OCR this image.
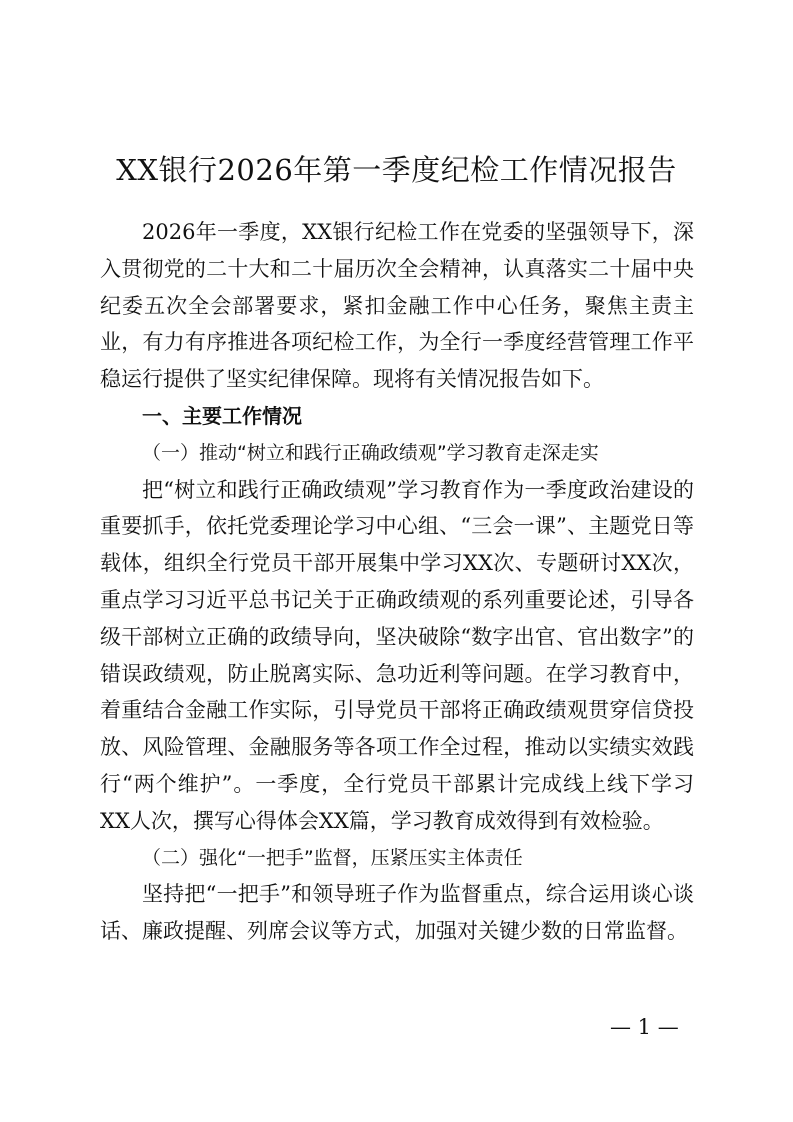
XX银行2026年第一季度纪检工作情况报告

2026年一季度，XX银行纪检工作在党委的坚强领导下，深入贯彻党的二十大和二十届历次全会精神，认真落实二十届中央纪委五次全会部署要求，紧扣金融工作中心任务，聚焦主责主业，有力有序推进各项纪检工作，为全行一季度经营管理工作平稳运行提供了坚实纪律保障。现将有关情况报告如下。

一、主要工作情况

（一）推动“树立和践行正确政绩观”学习教育走深走实

把“树立和践行正确政绩观”学习教育作为一季度政治建设的重要抓手，依托党委理论学习中心组、“三会一课”、主题党日等载体，组织全行党员干部开展集中学习XX次、专题研讨XX次，重点学习习近平总书记关于正确政绩观的系列重要论述，引导各级干部树立正确的政绩导向，坚决破除“数字出官、官出数字”的错误政绩观，防止脱离实际、急功近利等问题。在学习教育中，着重结合金融工作实际，引导党员干部将正确政绩观贯穿信贷投放、风险管理、金融服务等各项工作全过程，推动以实绩实效践行“两个维护”。一季度，全行党员干部累计完成线上线下学习XX人次，撰写心得体会XX篇，学习教育成效得到有效检验。

（二）强化“一把手”监督，压紧压实主体责任

坚持把“一把手”和领导班子作为监督重点，综合运用谈心谈话、廉政提醒、列席会议等方式，加强对关键少数的日常监督。

— 1 —
